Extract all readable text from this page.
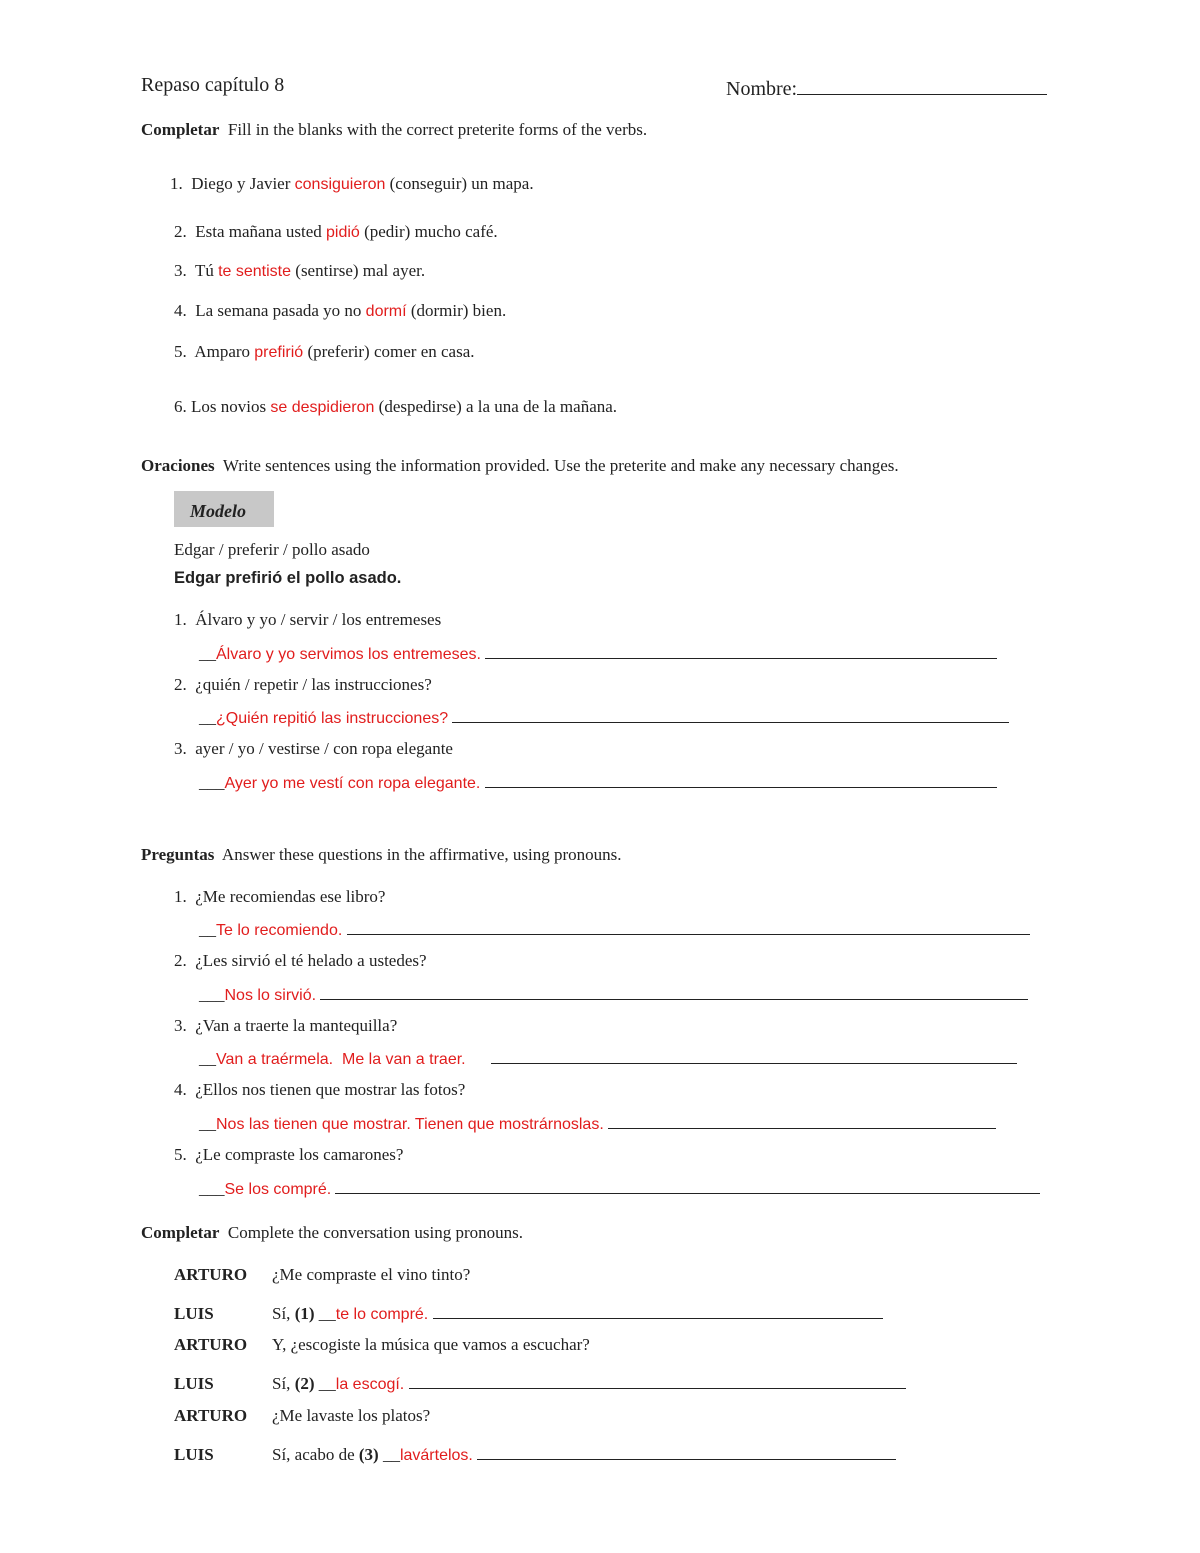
Repaso capítulo 8	Nombre:
Completar Fill in the blanks with the correct preterite forms of the verbs.
1. Diego y Javier consiguieron (conseguir) un mapa.
2. Esta mañana usted pidió (pedir) mucho café.
3. Tú te sentiste (sentirse) mal ayer.
4. La semana pasada yo no dormí (dormir) bien.
5. Amparo prefirió (preferir) comer en casa.
6. Los novios se despidieron (despedirse) a la una de la mañana.
Oraciones Write sentences using the information provided. Use the preterite and make any necessary changes.
Modelo
Edgar / preferir / pollo asado
Edgar prefirió el pollo asado.
1. Álvaro y yo / servir / los entremeses
__Álvaro y yo servimos los entremeses.
2. ¿quién / repetir / las instrucciones?
__¿Quién repitió las instrucciones?
3. ayer / yo / vestirse / con ropa elegante
___Ayer yo me vestí con ropa elegante.
Preguntas Answer these questions in the affirmative, using pronouns.
1. ¿Me recomiendas ese libro?
__Te lo recomiendo.
2. ¿Les sirvió el té helado a ustedes?
___Nos lo sirvió.
3. ¿Van a traerte la mantequilla?
__Van a traérmela.  Me la van a traer.
4. ¿Ellos nos tienen que mostrar las fotos?
__Nos las tienen que mostrar. Tienen que mostrárnoslas.
5. ¿Le compraste los camarones?
___Se los compré.
Completar Complete the conversation using pronouns.
ARTURO ¿Me compraste el vino tinto?
LUIS	Sí, (1) __te lo compré.
ARTURO Y, ¿escogiste la música que vamos a escuchar?
LUIS	Sí, (2) __la escogí.
ARTURO ¿Me lavaste los platos?
LUIS	Sí, acabo de (3) __lavártelos.
